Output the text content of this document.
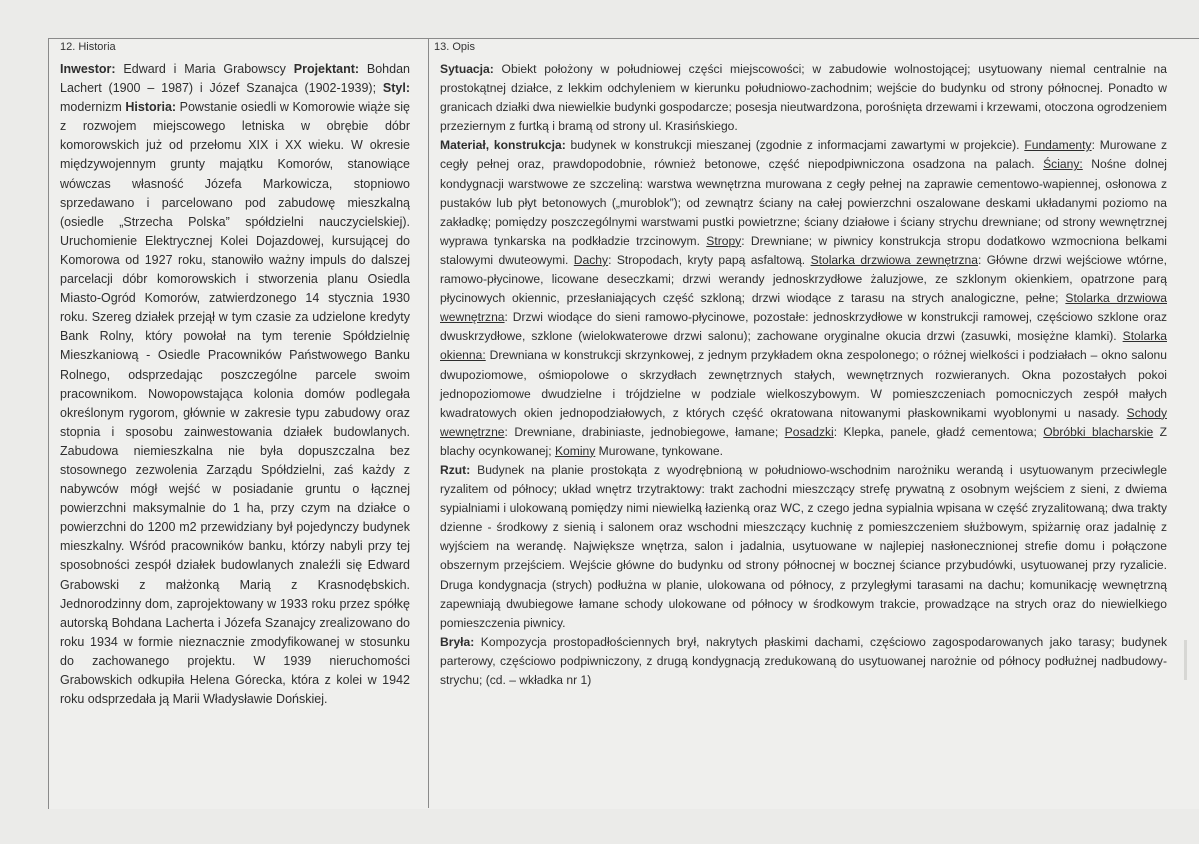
12. Historia	13. Opis
Inwestor: Edward i Maria Grabowscy Projektant: Bohdan Lachert (1900 – 1987) i Józef Szanajca (1902-1939); Styl: modernizm Historia: Powstanie osiedli w Komorowie wiąże się z rozwojem miejscowego letniska w obrębie dóbr komorowskich już od przełomu XIX i XX wieku. W okresie międzywojennym grunty majątku Komorów, stanowiące wówczas własność Józefa Markowicza, stopniowo sprzedawano i parcelowano pod zabudowę mieszkalną (osiedle „Strzecha Polska” spółdzielni nauczycielskiej). Uruchomienie Elektrycznej Kolei Dojazdowej, kursującej do Komorowa od 1927 roku, stanowiło ważny impuls do dalszej parcelacji dóbr komorowskich i stworzenia planu Osiedla Miasto-Ogród Komorów, zatwierdzonego 14 stycznia 1930 roku. Szereg działek przejął w tym czasie za udzielone kredyty Bank Rolny, który powołał na tym terenie Spółdzielnię Mieszkaniową - Osiedle Pracowników Państwowego Banku Rolnego, odsprzedając poszczególne parcele swoim pracownikom. Nowopowstająca kolonia domów podlegała określonym rygorom, głównie w zakresie typu zabudowy oraz stopnia i sposobu zainwestowania działek budowlanych. Zabudowa niemieszkalna nie była dopuszczalna bez stosownego zezwolenia Zarządu Spółdzielni, zaś każdy z nabywców mógł wejść w posiadanie gruntu o łącznej powierzchni maksymalnie do 1 ha, przy czym na działce o powierzchni do 1200 m2 przewidziany był pojedynczy budynek mieszkalny. Wśród pracowników banku, którzy nabyli przy tej sposobności zespół działek budowlanych znaleźli się Edward Grabowski z małżonką Marią z Krasnodębskich. Jednorodzinny dom, zaprojektowany w 1933 roku przez spółkę autorską Bohdana Lacherta i Józefa Szanajcy zrealizowano do roku 1934 w formie nieznacznie zmodyfikowanej w stosunku do zachowanego projektu. W 1939 nieruchomości Grabowskich odkupiła Helena Górecka, która z kolei w 1942 roku odsprzedała ją Marii Władysławie Dońskiej.

Sytuacja: Obiekt położony w południowej części miejscowości; w zabudowie wolnostojącej; usytuowany niemal centralnie na prostokątnej działce, z lekkim odchyleniem w kierunku południowo-zachodnim; wejście do budynku od strony północnej. Ponadto w granicach działki dwa niewielkie budynki gospodarcze; posesja nieutwardzona, porośnięta drzewami i krzewami, otoczona ogrodzeniem przeziernym z furtką i bramą od strony ul. Krasińskiego.

Materiał, konstrukcja: budynek w konstrukcji mieszanej (zgodnie z informacjami zawartymi w projekcie). Fundamenty: Murowane z cegły pełnej oraz, prawdopodobnie, również betonowe, część niepodpiwniczona osadzona na palach. Ściany: Nośne dolnej kondygnacji warstwowe ze szczeliną: warstwa wewnętrzna murowana z cegły pełnej na zaprawie cementowo-wapiennej, osłonowa z pustaków lub płyt betonowych („muroblok”); od zewnątrz ściany na całej powierzchni oszalowane deskami układanymi poziomo na zakładkę; pomiędzy poszczególnymi warstwami pustki powietrzne; ściany działowe i ściany strychu drewniane; od strony wewnętrznej wyprawa tynkarska na podkładzie trzcinowym. Stropy: Drewniane; w piwnicy konstrukcja stropu dodatkowo wzmocniona belkami stalowymi dwuteowymi. Dachy: Stropodach, kryty papą asfaltową. Stolarka drzwiowa zewnętrzna: Główne drzwi wejściowe wtórne, ramowo-płycinowe, licowane deseczkami; drzwi werandy jednoskrzydłowe żaluzjowe, ze szklonym okienkiem, opatrzone parą płycinowych okiennic, przesłaniających część szkloną; drzwi wiodące z tarasu na strych analogiczne, pełne; Stolarka drzwiowa wewnętrzna: Drzwi wiodące do sieni ramowo-płycinowe, pozostałe: jednoskrzydłowe w konstrukcji ramowej, częściowo szklone oraz dwuskrzydłowe, szklone (wielokwaterowe drzwi salonu); zachowane oryginalne okucia drzwi (zasuwki, mosiężne klamki). Stolarka okienna: Drewniana w konstrukcji skrzynkowej, z jednym przykładem okna zespolonego; o różnej wielkości i podziałach – okno salonu dwupoziomowe, ośmiopolowe o skrzydłach zewnętrznych stałych, wewnętrznych rozwieranych. Okna pozostałych pokoi jednopoziomowe dwudzielne i trójdzielne w podziale wielkoszybowym. W pomieszczeniach pomocniczych zespół małych kwadratowych okien jednopodziałowych, z których część okratowana nitowanymi płaskownikami wyoblonymi u nasady. Schody wewnętrzne: Drewniane, drabiniaste, jednobiegowe, łamane; Posadzki: Klepka, panele, gładź cementowa; Obróbki blacharskie Z blachy ocynkowanej; Kominy Murowane, tynkowane.

Rzut: Budynek na planie prostokąta z wyodrębnioną w południowo-wschodnim narożniku werandą i usytuowanym przeciwlegle ryzalitem od północy; układ wnętrz trzytraktowy: trakt zachodni mieszczący strefę prywatną z osobnym wejściem z sieni, z dwiema sypialniami i ulokowaną pomiędzy nimi niewielką łazienką oraz WC, z czego jedna sypialnia wpisana w część zryzalitowaną; dwa trakty dzienne - środkowy z sienią i salonem oraz wschodni mieszczący kuchnię z pomieszczeniem służbowym, spiżarnię oraz jadalnię z wyjściem na werandę. Największe wnętrza, salon i jadalnia, usytuowane w najlepiej nasłonecznionej strefie domu i połączone obszernym przejściem. Wejście główne do budynku od strony północnej w bocznej ściance przybudówki, usytuowanej przy ryzalicie. Druga kondygnacja (strych) podłużna w planie, ulokowana od północy, z przyległymi tarasami na dachu; komunikację wewnętrzną zapewniają dwubiegowe łamane schody ulokowane od północy w środkowym trakcie, prowadzące na strych oraz do niewielkiego pomieszczenia piwnicy.

Bryła: Kompozycja prostopadłościennych brył, nakrytych płaskimi dachami, częściowo zagospodarowanych jako tarasy; budynek parterowy, częściowo podpiwniczony, z drugą kondygnacją zredukowaną do usytuowanej narożnie od północy podłużnej nadbudowy- strychu; (cd. – wkładka nr 1)
